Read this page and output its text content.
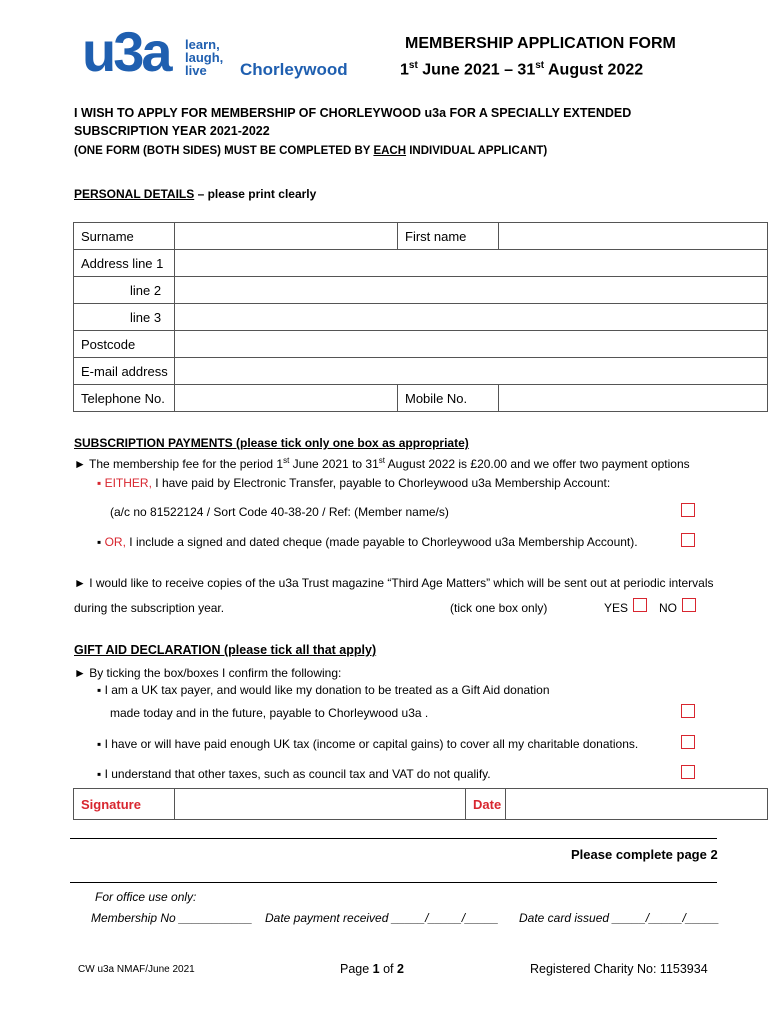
u3a learn,
laugh,
live	Chorleywood
MEMBERSHIP APPLICATION FORM
1st June 2021 – 31st August 2022
I WISH TO APPLY FOR MEMBERSHIP OF CHORLEYWOOD u3a FOR A SPECIALLY EXTENDED
SUBSCRIPTION YEAR 2021-2022
(ONE FORM (BOTH SIDES) MUST BE COMPLETED BY EACH INDIVIDUAL APPLICANT)
PERSONAL DETAILS – please print clearly
Surname		First name	
Address line 1			
line 2			
line 3			
Postcode			
E-mail address			
Telephone No.		Mobile No.	
SUBSCRIPTION PAYMENTS (please tick only one box as appropriate)
► The membership fee for the period 1st June 2021 to 31st August 2022 is £20.00 and we offer two payment options
▪ EITHER, I have paid by Electronic Transfer, payable to Chorleywood u3a Membership Account:
(a/c no 81522124 / Sort Code 40-38-20 / Ref: (Member name/s)
▪ OR, I include a signed and dated cheque (made payable to Chorleywood u3a Membership Account).
► I would like to receive copies of the u3a Trust magazine “Third Age Matters” which will be sent out at periodic intervals
during the subscription year.	(tick one box only)	YES	NO
GIFT AID DECLARATION (please tick all that apply)
► By ticking the box/boxes I confirm the following:
▪ I am a UK tax payer, and would like my donation to be treated as a Gift Aid donation
made today and in the future, payable to Chorleywood u3a .
▪ I have or will have paid enough UK tax (income or capital gains) to cover all my charitable donations.
▪ I understand that other taxes, such as council tax and VAT do not qualify.
Signature		Date	
Please complete page 2
For office use only:
Membership No ___________ Date payment received _____/_____/_____ Date card issued _____/_____/_____
CW u3a NMAF/June 2021	Page 1 of 2	Registered Charity No: 1153934
